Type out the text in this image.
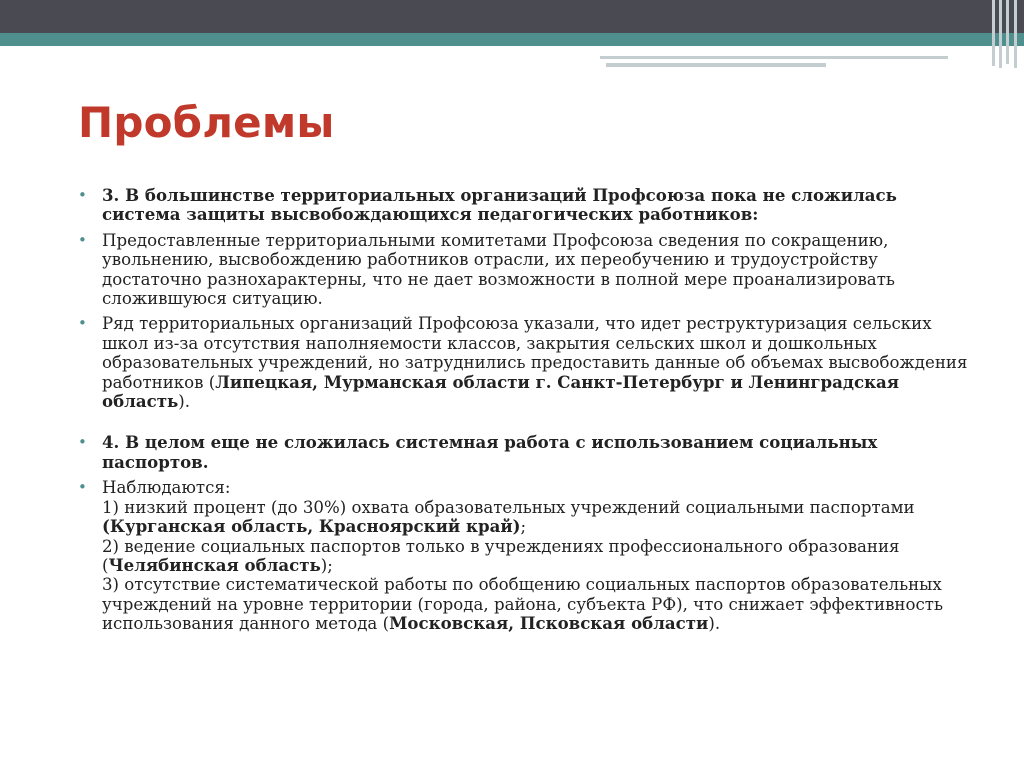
Проблемы
• 3. В большинстве территориальных организаций Профсоюза пока не сложилась система защиты высвобождающихся педагогических работников:
• Предоставленные территориальными комитетами Профсоюза сведения по сокращению, увольнению, высвобождению работников отрасли, их переобучению и трудоустройству достаточно разнохарактерны, что не дает возможности в полной мере проанализировать сложившуюся ситуацию.
• Ряд территориальных организаций Профсоюза указали, что идет реструктуризация сельских школ из-за отсутствия наполняемости классов, закрытия сельских школ и дошкольных образовательных учреждений, но затруднились предоставить данные об объемах высвобождения работников (Липецкая, Мурманская области г. Санкт-Петербург и Ленинградская область).
• 4. В целом еще не сложилась системная работа с использованием социальных паспортов.
• Наблюдаются:
1) низкий процент (до 30%) охвата образовательных учреждений социальными паспортами (Курганская область, Красноярский край);
2) ведение социальных паспортов только в учреждениях профессионального образования (Челябинская область);
3) отсутствие систематической работы по обобщению социальных паспортов образовательных учреждений на уровне территории (города, района, субъекта РФ), что снижает эффективность использования данного метода (Московская, Псковская области).
